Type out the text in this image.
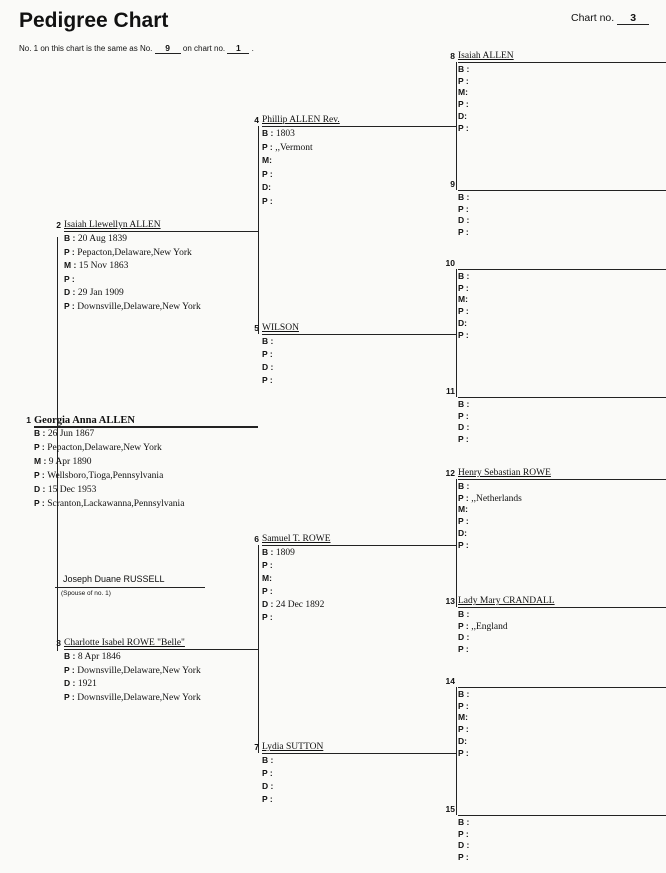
Pedigree Chart	Chart no. 3
No. 1 on this chart is the same as No. 9 on chart no. 1 .
1 Georgia Anna ALLEN
B : 26 Jun 1867
P : Pepacton,Delaware,New York
M : 9 Apr 1890
P : Wellsboro,Tioga,Pennsylvania
D : 15 Dec 1953
P : Scranton,Lackawanna,Pennsylvania
2 Isaiah Llewellyn ALLEN
B : 20 Aug 1839
P : Pepacton,Delaware,New York
M : 15 Nov 1863
P :
D : 29 Jan 1909
P : Downsville,Delaware,New York
3 Charlotte Isabel ROWE "Belle"
B : 8 Apr 1846
P : Downsville,Delaware,New York
D : 1921
P : Downsville,Delaware,New York
4 Phillip ALLEN Rev.
B : 1803
P : ,,Vermont
M:
P :
D:
P :
5 WILSON
B :
P :
D :
P :
6 Samuel T. ROWE
B : 1809
P :
M:
P :
D : 24 Dec 1892
P :
7 Lydia SUTTON
B :
P :
D :
P :
8 Isaiah ALLEN
B :
P :
M:
P :
D:
P :
9
B :
P :
D :
P :
10
B :
P :
M:
P :
D:
P :
11
B :
P :
D :
P :
12 Henry Sebastian ROWE
B :
P : ,,Netherlands
M:
P :
D:
P :
13 Lady Mary CRANDALL
B :
P : ,,England
D :
P :
14
B :
P :
M:
P :
D:
P :
15
B :
P :
D :
P :
Joseph Duane RUSSELL
(Spouse of no. 1)
